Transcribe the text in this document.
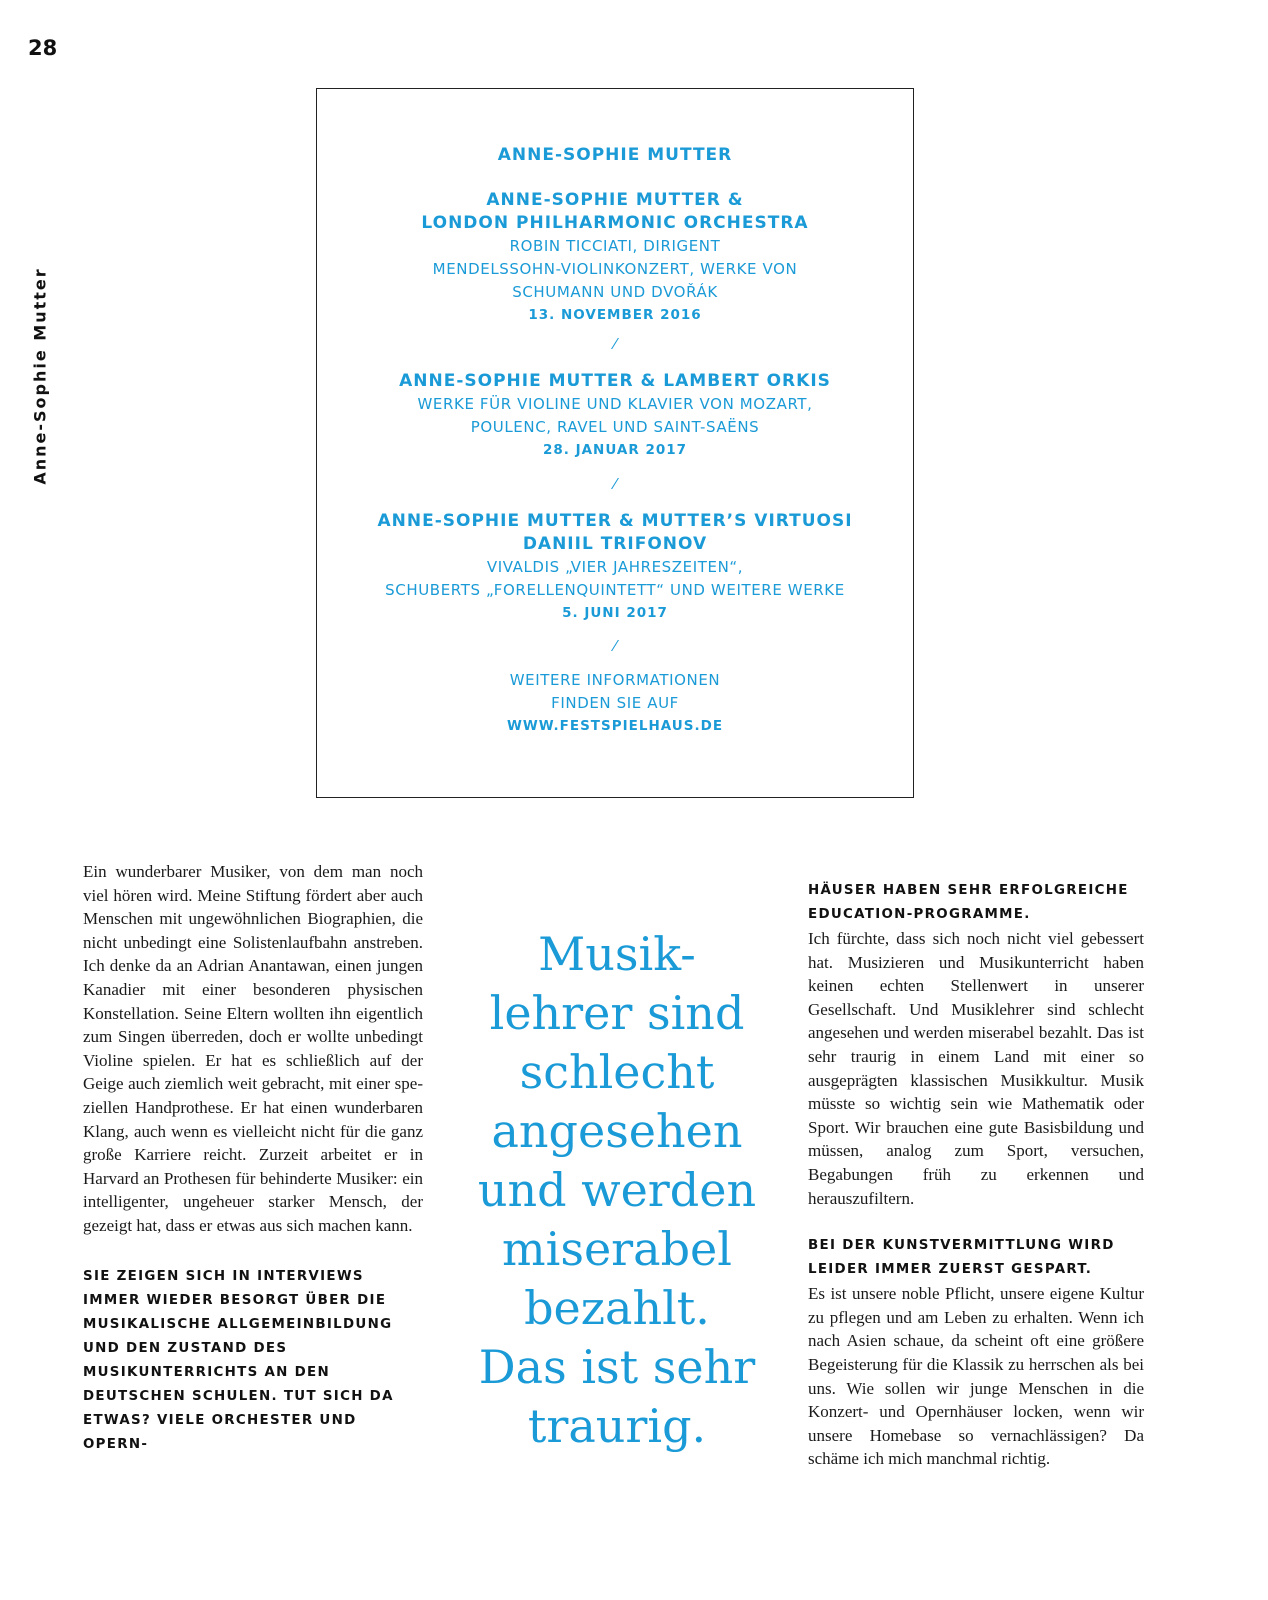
28
Anne-Sophie Mutter
ANNE-SOPHIE MUTTER
ANNE-SOPHIE MUTTER &
LONDON PHILHARMONIC ORCHESTRA
ROBIN TICCIATI, DIRIGENT
MENDELSSOHN-VIOLINKONZERT, WERKE VON
SCHUMANN UND DVOŘÁK
13. NOVEMBER 2016
⁄
ANNE-SOPHIE MUTTER & LAMBERT ORKIS
WERKE FÜR VIOLINE UND KLAVIER VON MOZART,
POULENC, RAVEL UND SAINT-SAËNS
28. JANUAR 2017
⁄
ANNE-SOPHIE MUTTER & MUTTER’S VIRTUOSI
DANIIL TRIFONOV
VIVALDIS „VIER JAHRESZEITEN“,
SCHUBERTS „FORELLENQUINTETT“ UND WEITERE WERKE
5. JUNI 2017
⁄
WEITERE INFORMATIONEN
FINDEN SIE AUF
WWW.FESTSPIELHAUS.DE

Ein wunderbarer Musiker, von dem man noch viel hören wird. Meine Stiftung fördert aber auch Menschen mit ungewöhnlichen Biographien, die nicht unbedingt eine Solistenlaufbahn anstreben. Ich denke da an Adrian Anantawan, einen jungen Kanadier mit einer besonderen physischen Konstellation. Seine Eltern wollten ihn eigentlich zum Singen überreden, doch er wollte unbedingt Violine spielen. Er hat es schließlich auf der Geige auch ziemlich weit gebracht, mit einer speziellen Handprothese. Er hat einen wunderbaren Klang, auch wenn es vielleicht nicht für die ganz große Karriere reicht. Zurzeit arbeitet er in Harvard an Prothesen für behinderte Musiker: ein intelligenter, ungeheuer starker Mensch, der gezeigt hat, dass er etwas aus sich machen kann.

SIE ZEIGEN SICH IN INTERVIEWS IMMER WIEDER BESORGT ÜBER DIE MUSIKALISCHE ALLGEMEINBILDUNG UND DEN ZUSTAND DES MUSIKUNTERRICHTS AN DEN DEUTSCHEN SCHULEN. TUT SICH DA ETWAS? VIELE ORCHESTER UND OPERN-

Musik-
lehrer sind
schlecht
angesehen
und werden
miserabel
bezahlt.
Das ist sehr
traurig.

HÄUSER HABEN SEHR ERFOLGREICHE EDUCATION-PROGRAMME.

Ich fürchte, dass sich noch nicht viel gebessert hat. Musizieren und Musikunterricht haben keinen echten Stellenwert in unserer Gesellschaft. Und Musiklehrer sind schlecht angesehen und werden miserabel bezahlt. Das ist sehr traurig in einem Land mit einer so ausgeprägten klassischen Musikkultur. Musik müsste so wichtig sein wie Mathematik oder Sport. Wir brauchen eine gute Basisbildung und müssen, analog zum Sport, versuchen, Begabungen früh zu erkennen und herauszufiltern.

BEI DER KUNSTVERMITTLUNG WIRD LEIDER IMMER ZUERST GESPART.

Es ist unsere noble Pflicht, unsere eigene Kultur zu pflegen und am Leben zu erhalten. Wenn ich nach Asien schaue, da scheint oft eine größere Begeisterung für die Klassik zu herrschen als bei uns. Wie sollen wir junge Menschen in die Konzert- und Opernhäuser locken, wenn wir unsere Homebase so vernachlässigen? Da schäme ich mich manchmal richtig.
